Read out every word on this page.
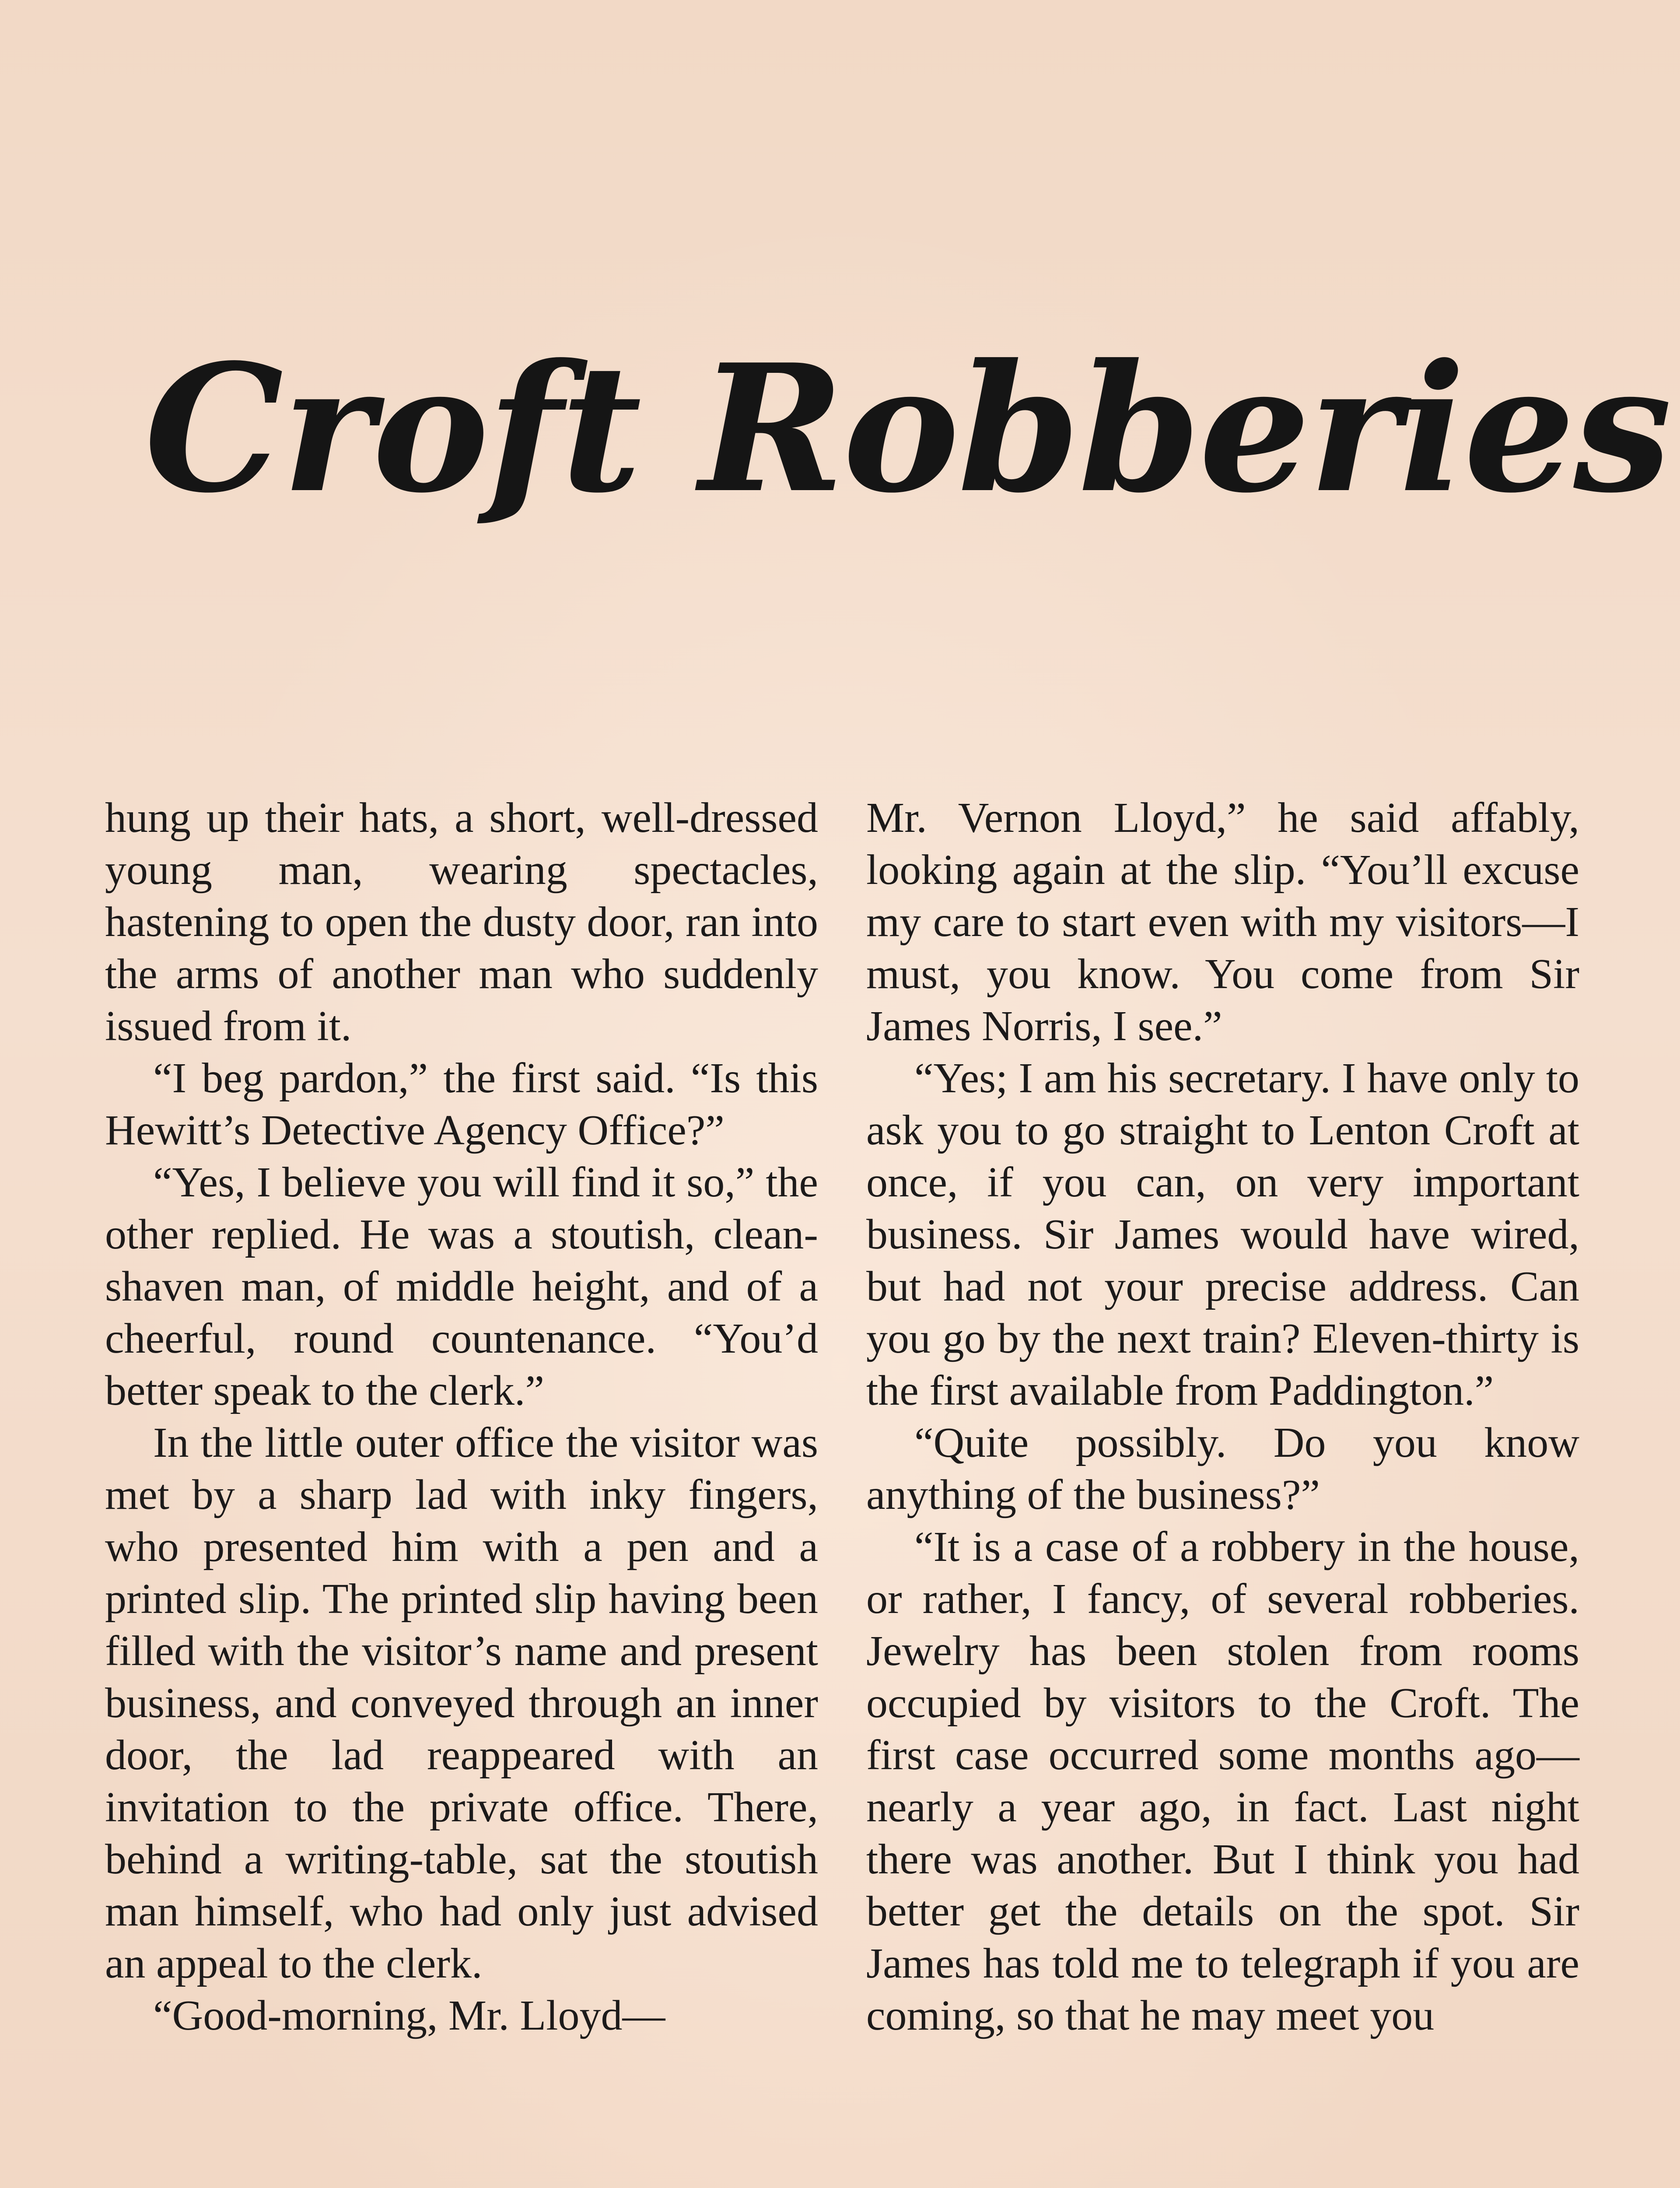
Croft Robberies

hung up their hats, a short, well-dressed young man, wearing spectacles, hastening to open the dusty door, ran into the arms of another man who suddenly issued from it.

“I beg pardon,” the first said. “Is this Hewitt’s Detective Agency Office?”

“Yes, I believe you will find it so,” the other replied. He was a stoutish, clean-shaven man, of middle height, and of a cheerful, round countenance. “You’d better speak to the clerk.”

In the little outer office the visitor was met by a sharp lad with inky fingers, who presented him with a pen and a printed slip. The printed slip having been filled with the visitor’s name and present business, and conveyed through an inner door, the lad reappeared with an invitation to the private office. There, behind a writing-table, sat the stoutish man himself, who had only just advised an appeal to the clerk.

“Good-morning, Mr. Lloyd—

Mr. Vernon Lloyd,” he said affably, looking again at the slip. “You’ll excuse my care to start even with my visitors—I must, you know. You come from Sir James Norris, I see.”

“Yes; I am his secretary. I have only to ask you to go straight to Lenton Croft at once, if you can, on very important business. Sir James would have wired, but had not your precise address. Can you go by the next train? Eleven-thirty is the first available from Paddington.”

“Quite possibly. Do you know anything of the business?”

“It is a case of a robbery in the house, or rather, I fancy, of several robberies. Jewelry has been stolen from rooms occupied by visitors to the Croft. The first case occurred some months ago—nearly a year ago, in fact. Last night there was another. But I think you had better get the details on the spot. Sir James has told me to telegraph if you are coming, so that he may meet you
